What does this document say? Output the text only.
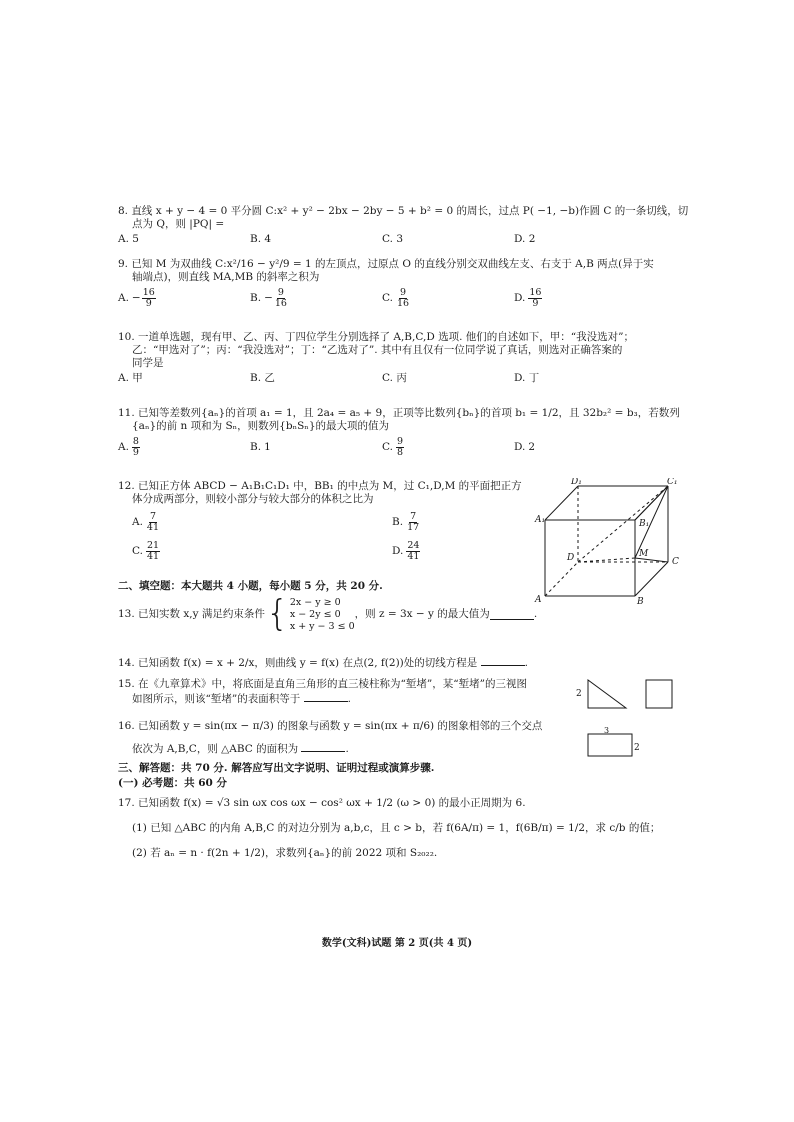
8. 直线 x + y − 4 = 0 平分圆 C:x² + y² − 2bx − 2by − 5 + b² = 0 的周长，过点 P( −1, −b)作圆 C 的一条切线，切
点为 Q，则 |PQ| =
A. 5	B. 4	C. 3	D. 2
9. 已知 M 为双曲线 C:x²/16 − y²/9 = 1 的左顶点，过原点 O 的直线分别交双曲线左支、右支于 A,B 两点(异于实
轴端点)，则直线 MA,MB 的斜率之积为
A. − $\frac{16}{9}$	B. − $\frac{9}{16}$	C. $\frac{9}{16}$	D. $\frac{16}{9}$
10. 一道单选题，现有甲、乙、丙、丁四位学生分别选择了 A,B,C,D 选项. 他们的自述如下，甲：“我没选对”；
乙：“甲选对了”；丙：“我没选对”；丁：“乙选对了”. 其中有且仅有一位同学说了真话，则选对正确答案的
同学是
A. 甲	B. 乙	C. 丙	D. 丁
11. 已知等差数列{aₙ}的首项 a₁ = 1，且 2a₄ = a₅ + 9，正项等比数列{bₙ}的首项 b₁ = 1/2，且 32b₂² = b₃，若数列
{aₙ}的前 n 项和为 Sₙ，则数列{bₙSₙ}的最大项的值为
A. $\frac{8}{9}$	B. 1	C. $\frac{9}{8}$	D. 2
12. 已知正方体 ABCD − A₁B₁C₁D₁ 中，BB₁ 的中点为 M，过 C₁,D,M 的平面把正方
体分成两部分，则较小部分与较大部分的体积之比为
A. $\frac{7}{41}$	B. $\frac{7}{17}$
C. $\frac{21}{41}$	D. $\frac{24}{41}$
D₁	C₁
A₁	B₁
D	M
C
A	B
二、填空题：本大题共 4 小题，每小题 5 分，共 20 分.
13. 已知实数 x,y 满足约束条件 { 2x − y ≥ 0
x − 2y ≤ 0
x + y − 3 ≤ 0
，则 z = 3x − y 的最大值为	.
14. 已知函数 f(x) = x + 2/x，则曲线 y = f(x) 在点(2, f(2))处的切线方程是	.
15. 在《九章算术》中，将底面是直角三角形的直三棱柱称为“堑堵”，某“堑堵”的三视图
如图所示，则该“堑堵”的表面积等于	.	2
3
2
16. 已知函数 y = sin(πx − π/3) 的图象与函数 y = sin(πx + π/6) 的图象相邻的三个交点
依次为 A,B,C，则 △ABC 的面积为	.
三、解答题：共 70 分. 解答应写出文字说明、证明过程或演算步骤.
(一) 必考题：共 60 分
17. 已知函数 f(x) = √3 sin ωx cos ωx − cos² ωx + 1/2 (ω > 0) 的最小正周期为 6.
(1) 已知 △ABC 的内角 A,B,C 的对边分别为 a,b,c，且 c > b，若 f(6A/π) = 1，f(6B/π) = 1/2，求 c/b 的值；
(2) 若 aₙ = n · f(2n + 1/2)，求数列{aₙ}的前 2022 项和 S₂₀₂₂.
数学(文科)试题 第 2 页(共 4 页)
